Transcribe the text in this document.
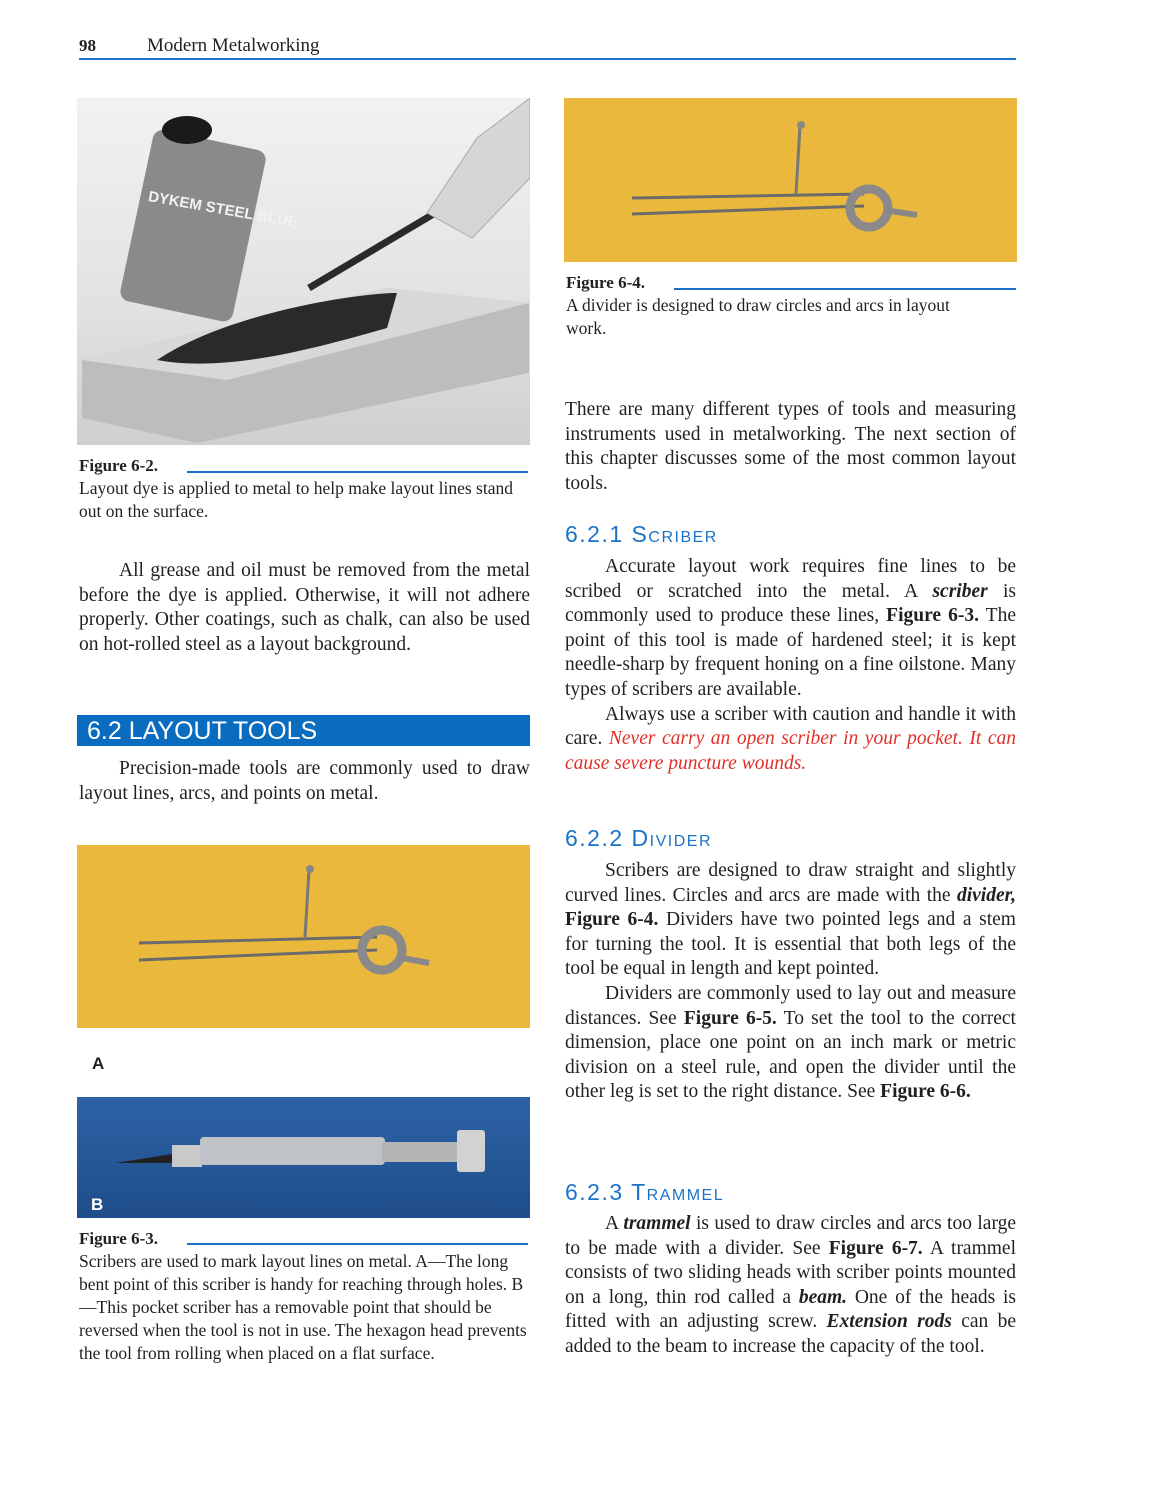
98	Modern Metalworking
DYKEM STEEL BLUE
Figure 6-2.
Layout dye is applied to metal to help make layout lines stand out on the surface.

All grease and oil must be removed from the metal before the dye is applied. Otherwise, it will not adhere properly. Other coatings, such as chalk, can also be used on hot-rolled steel as a layout background.

6.2 LAYOUT TOOLS

Precision-made tools are commonly used to draw layout lines, arcs, and points on metal.

A
B
Figure 6-3.
Scribers are used to mark layout lines on metal. A—The long bent point of this scriber is handy for reaching through holes. B—This pocket scriber has a removable point that should be reversed when the tool is not in use. The hexagon head prevents the tool from rolling when placed on a flat surface.
Figure 6-4.
A divider is designed to draw circles and arcs in layout work.

There are many different types of tools and measuring instruments used in metalworking. The next section of this chapter discusses some of the most common layout tools.

6.2.1 Scriber

Accurate layout work requires fine lines to be scribed or scratched into the metal. A scriber is commonly used to produce these lines, Figure 6-3. The point of this tool is made of hardened steel; it is kept needle-sharp by frequent honing on a fine oilstone. Many types of scribers are available.

Always use a scriber with caution and handle it with care. Never carry an open scriber in your pocket. It can cause severe puncture wounds.

6.2.2 Divider

Scribers are designed to draw straight and slightly curved lines. Circles and arcs are made with the divider, Figure 6-4. Dividers have two pointed legs and a stem for turning the tool. It is essential that both legs of the tool be equal in length and kept pointed.

Dividers are commonly used to lay out and measure distances. See Figure 6-5. To set the tool to the correct dimension, place one point on an inch mark or metric division on a steel rule, and open the divider until the other leg is set to the right distance. See Figure 6-6.

6.2.3 Trammel

A trammel is used to draw circles and arcs too large to be made with a divider. See Figure 6-7. A trammel consists of two sliding heads with scriber points mounted on a long, thin rod called a beam. One of the heads is fitted with an adjusting screw. Extension rods can be added to the beam to increase the capacity of the tool.
